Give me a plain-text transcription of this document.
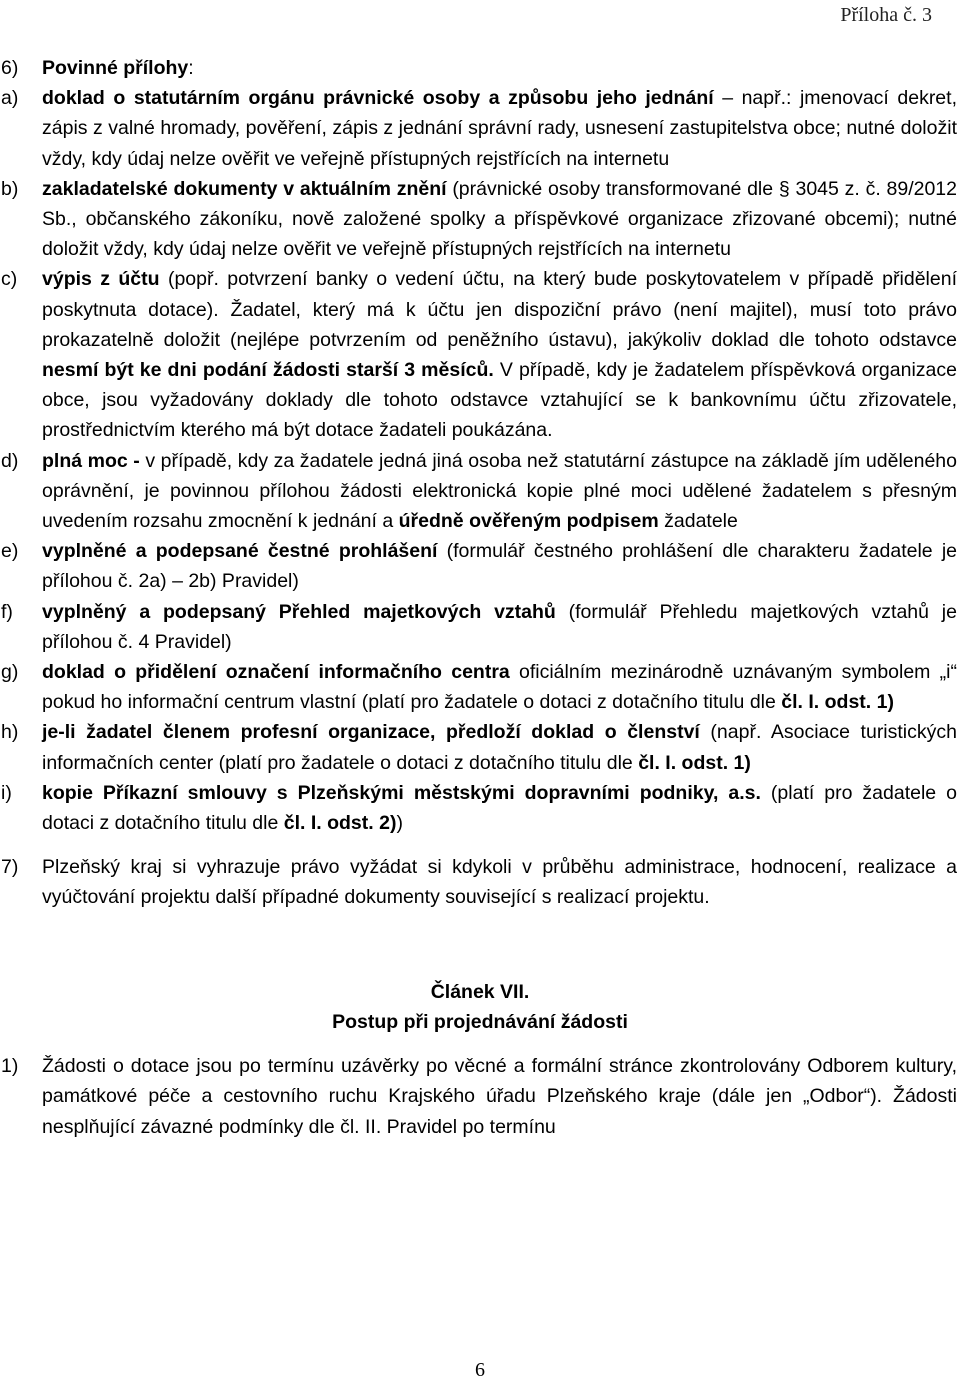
Příloha č. 3
6)	Povinné přílohy:
a)	doklad o statutárním orgánu právnické osoby a způsobu jeho jednání – např.: jmenovací dekret, zápis z valné hromady, pověření, zápis z jednání správní rady, usnesení zastupitelstva obce; nutné doložit vždy, kdy údaj nelze ověřit ve veřejně přístupných rejstřících na internetu
b)	zakladatelské dokumenty v aktuálním znění (právnické osoby transformované dle § 3045 z. č. 89/2012 Sb., občanského zákoníku, nově založené spolky a příspěvkové organizace zřizované obcemi); nutné doložit vždy, kdy údaj nelze ověřit ve veřejně přístupných rejstřících na internetu
c)	výpis z účtu (popř. potvrzení banky o vedení účtu, na který bude poskytovatelem v případě přidělení poskytnuta dotace). Žadatel, který má k účtu jen dispoziční právo (není majitel), musí toto právo prokazatelně doložit (nejlépe potvrzením od peněžního ústavu), jakýkoliv doklad dle tohoto odstavce nesmí být ke dni podání žádosti starší 3 měsíců. V případě, kdy je žadatelem příspěvková organizace obce, jsou vyžadovány doklady dle tohoto odstavce vztahující se k bankovnímu účtu zřizovatele, prostřednictvím kterého má být dotace žadateli poukázána.
d)	plná moc - v případě, kdy za žadatele jedná jiná osoba než statutární zástupce na základě jím uděleného oprávnění, je povinnou přílohou žádosti elektronická kopie plné moci udělené žadatelem s přesným uvedením rozsahu zmocnění k jednání a úředně ověřeným podpisem žadatele
e)	vyplněné a podepsané čestné prohlášení (formulář čestného prohlášení dle charakteru žadatele je přílohou č. 2a) – 2b) Pravidel)
f)	vyplněný a podepsaný Přehled majetkových vztahů (formulář Přehledu majetkových vztahů je přílohou č. 4 Pravidel)
g)	doklad o přidělení označení informačního centra oficiálním mezinárodně uznávaným symbolem „i“ pokud ho informační centrum vlastní (platí pro žadatele o dotaci z dotačního titulu dle čl. I. odst. 1)
h)	je-li žadatel členem profesní organizace, předloží doklad o členství (např. Asociace turistických informačních center (platí pro žadatele o dotaci z dotačního titulu dle čl. I. odst. 1)
i)	kopie Příkazní smlouvy s Plzeňskými městskými dopravními podniky, a.s. (platí pro žadatele o dotaci z dotačního titulu dle čl. I. odst. 2))
7)	Plzeňský kraj si vyhrazuje právo vyžádat si kdykoli v průběhu administrace, hodnocení, realizace a vyúčtování projektu další případné dokumenty související s realizací projektu.
Článek VII.
Postup při projednávání žádosti
1)	Žádosti o dotace jsou po termínu uzávěrky po věcné a formální stránce zkontrolovány Odborem kultury, památkové péče a cestovního ruchu Krajského úřadu Plzeňského kraje (dále jen „Odbor“). Žádosti nesplňující závazné podmínky dle čl. II. Pravidel po termínu
6
